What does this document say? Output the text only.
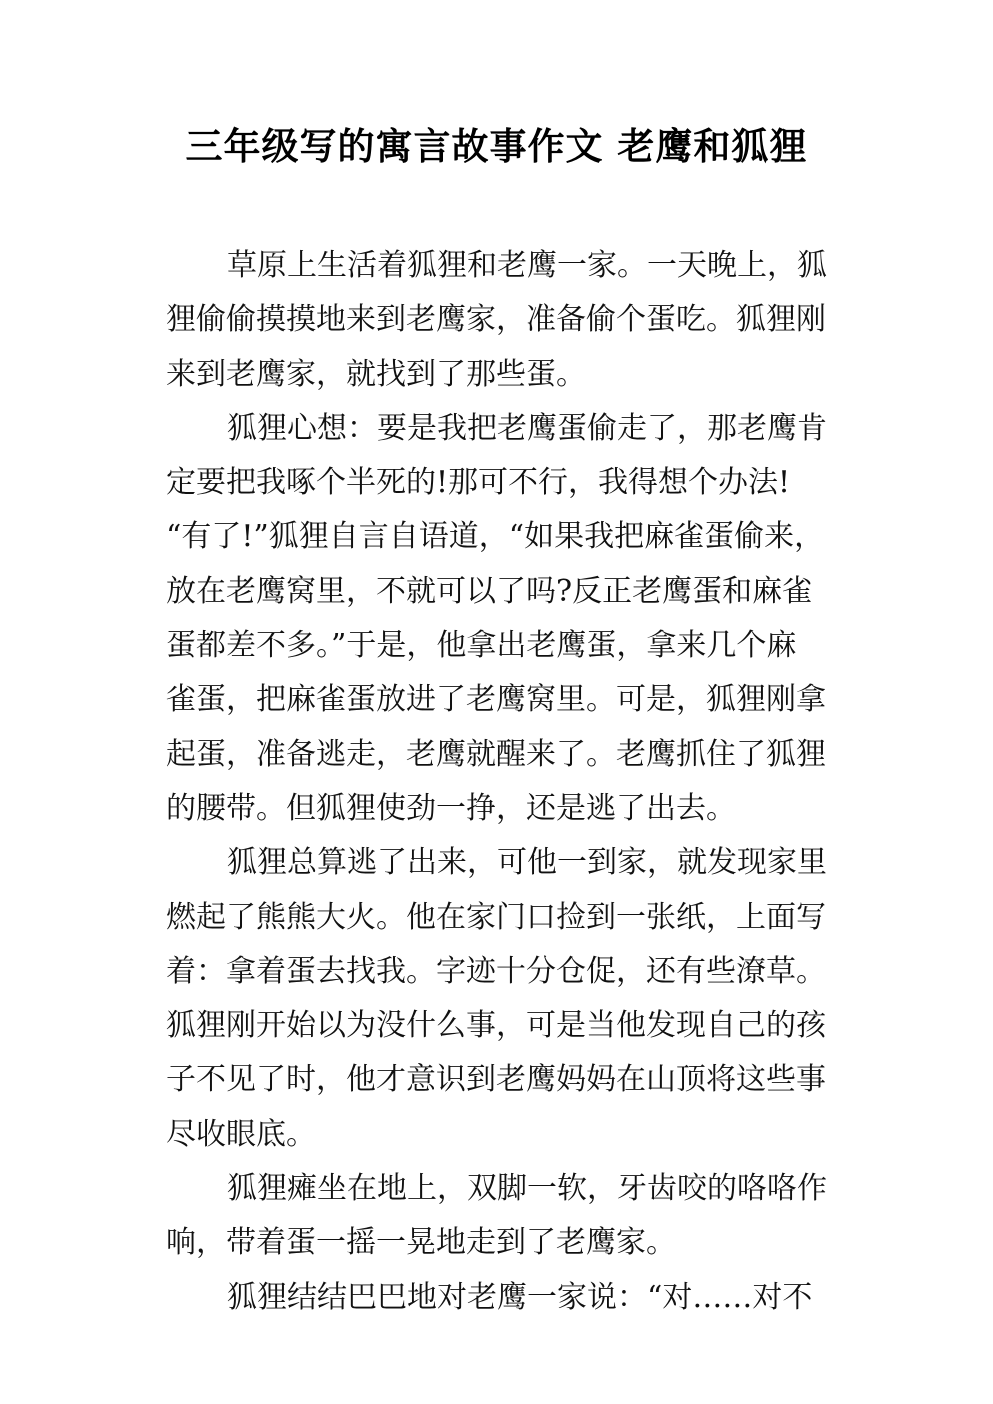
三年级写的寓言故事作文 老鹰和狐狸
草原上生活着狐狸和老鹰一家。一天晚上，狐
狸偷偷摸摸地来到老鹰家，准备偷个蛋吃。狐狸刚
来到老鹰家，就找到了那些蛋。
狐狸心想：要是我把老鹰蛋偷走了，那老鹰肯
定要把我啄个半死的!那可不行，我得想个办法!
“有了!”狐狸自言自语道，“如果我把麻雀蛋偷来，
放在老鹰窝里，不就可以了吗?反正老鹰蛋和麻雀
蛋都差不多。”于是，他拿出老鹰蛋，拿来几个麻
雀蛋，把麻雀蛋放进了老鹰窝里。可是，狐狸刚拿
起蛋，准备逃走，老鹰就醒来了。老鹰抓住了狐狸
的腰带。但狐狸使劲一挣，还是逃了出去。
狐狸总算逃了出来，可他一到家，就发现家里
燃起了熊熊大火。他在家门口捡到一张纸，上面写
着：拿着蛋去找我。字迹十分仓促，还有些潦草。
狐狸刚开始以为没什么事，可是当他发现自己的孩
子不见了时，他才意识到老鹰妈妈在山顶将这些事
尽收眼底。
狐狸瘫坐在地上，双脚一软，牙齿咬的咯咯作
响，带着蛋一摇一晃地走到了老鹰家。
狐狸结结巴巴地对老鹰一家说：“对……对不
